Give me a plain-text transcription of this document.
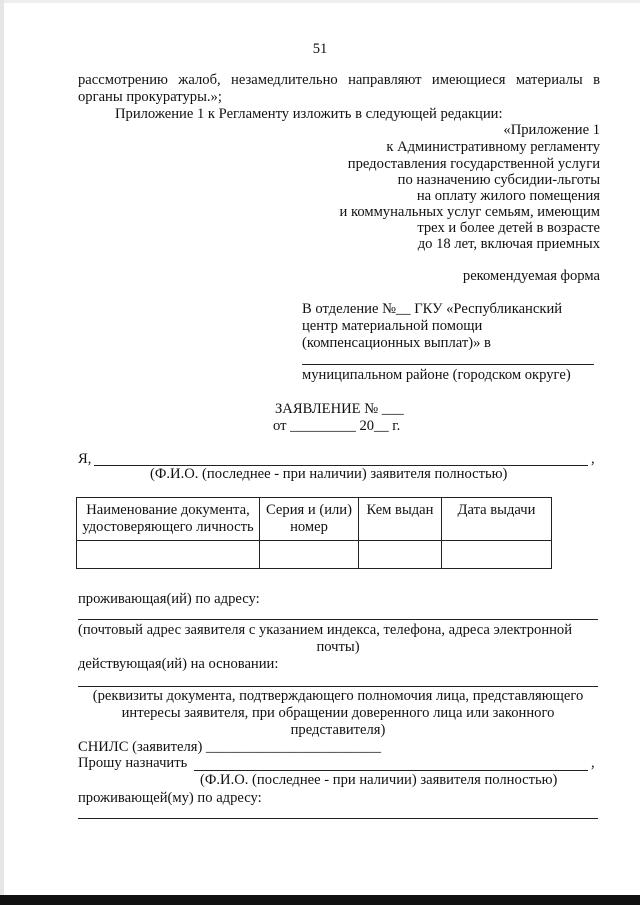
51
рассмотрению жалоб, незамедлительно направляют имеющиеся материалы в
органы прокуратуры.»;
Приложение 1 к Регламенту изложить в следующей редакции:
«Приложение 1
к Административному регламенту
предоставления государственной услуги
по назначению субсидии-льготы
на оплату жилого помещения
и коммунальных услуг семьям, имеющим
трех и более детей в возрасте
до 18 лет, включая приемных
рекомендуемая форма
В отделение №__ ГКУ «Республиканский
центр материальной помощи
(компенсационных выплат)» в
муниципальном районе (городском округе)
ЗАЯВЛЕНИЕ № ___
от _________ 20__ г.
Я,	,
(Ф.И.О. (последнее - при наличии) заявителя полностью)
Наименование документа, удостоверяющего личность	Серия и (или) номер	Кем выдан	Дата выдачи

проживающая(ий) по адресу:
(почтовый адрес заявителя с указанием индекса, телефона, адреса электронной
почты)
действующая(ий) на основании:
(реквизиты документа, подтверждающего полномочия лица, представляющего
интересы заявителя, при обращении доверенного лица или законного
представителя)
СНИЛС (заявителя) ________________________
Прошу назначить	,
(Ф.И.О. (последнее - при наличии) заявителя полностью)
проживающей(му) по адресу:
